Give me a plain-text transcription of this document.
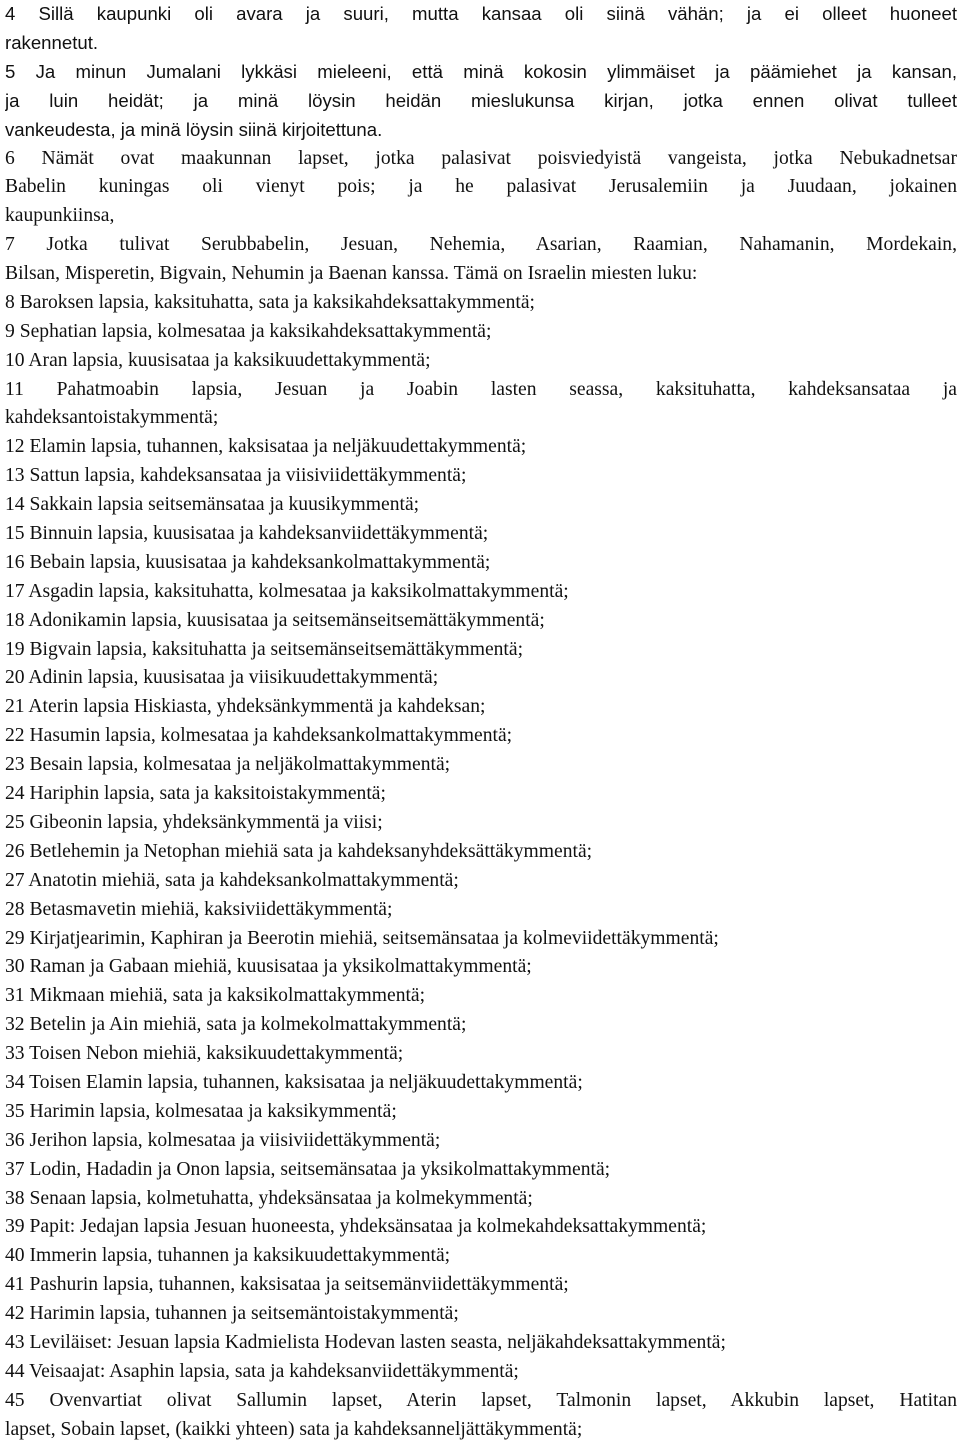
4 Sillä kaupunki oli avara ja suuri, mutta kansaa oli siinä vähän; ja ei olleet huoneet
rakennetut.
5 Ja minun Jumalani lykkäsi mieleeni, että minä kokosin ylimmäiset ja päämiehet ja kansan,
ja luin heidät; ja minä löysin heidän mieslukunsa kirjan, jotka ennen olivat tulleet
vankeudesta, ja minä löysin siinä kirjoitettuna.
6 Nämät ovat maakunnan lapset, jotka palasivat poisviedyistä vangeista, jotka Nebukadnetsar
Babelin kuningas oli vienyt pois; ja he palasivat Jerusalemiin ja Juudaan, jokainen
kaupunkiinsa,
7 Jotka tulivat Serubbabelin, Jesuan, Nehemia, Asarian, Raamian, Nahamanin, Mordekain,
Bilsan, Misperetin, Bigvain, Nehumin ja Baenan kanssa. Tämä on Israelin miesten luku:
8 Baroksen lapsia, kaksituhatta, sata ja kaksikahdeksattakymmentä;
9 Sephatian lapsia, kolmesataa ja kaksikahdeksattakymmentä;
10 Aran lapsia, kuusisataa ja kaksikuudettakymmentä;
11 Pahatmoabin lapsia, Jesuan ja Joabin lasten seassa, kaksituhatta, kahdeksansataa ja
kahdeksantoistakymmentä;
12 Elamin lapsia, tuhannen, kaksisataa ja neljäkuudettakymmentä;
13 Sattun lapsia, kahdeksansataa ja viisiviidettäkymmentä;
14 Sakkain lapsia seitsemänsataa ja kuusikymmentä;
15 Binnuin lapsia, kuusisataa ja kahdeksanviidettäkymmentä;
16 Bebain lapsia, kuusisataa ja kahdeksankolmattakymmentä;
17 Asgadin lapsia, kaksituhatta, kolmesataa ja kaksikolmattakymmentä;
18 Adonikamin lapsia, kuusisataa ja seitsemänseitsemättäkymmentä;
19 Bigvain lapsia, kaksituhatta ja seitsemänseitsemättäkymmentä;
20 Adinin lapsia, kuusisataa ja viisikuudettakymmentä;
21 Aterin lapsia Hiskiasta, yhdeksänkymmentä ja kahdeksan;
22 Hasumin lapsia, kolmesataa ja kahdeksankolmattakymmentä;
23 Besain lapsia, kolmesataa ja neljäkolmattakymmentä;
24 Hariphin lapsia, sata ja kaksitoistakymmentä;
25 Gibeonin lapsia, yhdeksänkymmentä ja viisi;
26 Betlehemin ja Netophan miehiä sata ja kahdeksanyhdeksättäkymmentä;
27 Anatotin miehiä, sata ja kahdeksankolmattakymmentä;
28 Betasmavetin miehiä, kaksiviidettäkymmentä;
29 Kirjatjearimin, Kaphiran ja Beerotin miehiä, seitsemänsataa ja kolmeviidettäkymmentä;
30 Raman ja Gabaan miehiä, kuusisataa ja yksikolmattakymmentä;
31 Mikmaan miehiä, sata ja kaksikolmattakymmentä;
32 Betelin ja Ain miehiä, sata ja kolmekolmattakymmentä;
33 Toisen Nebon miehiä, kaksikuudettakymmentä;
34 Toisen Elamin lapsia, tuhannen, kaksisataa ja neljäkuudettakymmentä;
35 Harimin lapsia, kolmesataa ja kaksikymmentä;
36 Jerihon lapsia, kolmesataa ja viisiviidettäkymmentä;
37 Lodin, Hadadin ja Onon lapsia, seitsemänsataa ja yksikolmattakymmentä;
38 Senaan lapsia, kolmetuhatta, yhdeksänsataa ja kolmekymmentä;
39 Papit: Jedajan lapsia Jesuan huoneesta, yhdeksänsataa ja kolmekahdeksattakymmentä;
40 Immerin lapsia, tuhannen ja kaksikuudettakymmentä;
41 Pashurin lapsia, tuhannen, kaksisataa ja seitsemänviidettäkymmentä;
42 Harimin lapsia, tuhannen ja seitsemäntoistakymmentä;
43 Leviläiset: Jesuan lapsia Kadmielista Hodevan lasten seasta, neljäkahdeksattakymmentä;
44 Veisaajat: Asaphin lapsia, sata ja kahdeksanviidettäkymmentä;
45 Ovenvartiat olivat Sallumin lapset, Aterin lapset, Talmonin lapset, Akkubin lapset, Hatitan
lapset, Sobain lapset, (kaikki yhteen) sata ja kahdeksanneljättäkymmentä;
